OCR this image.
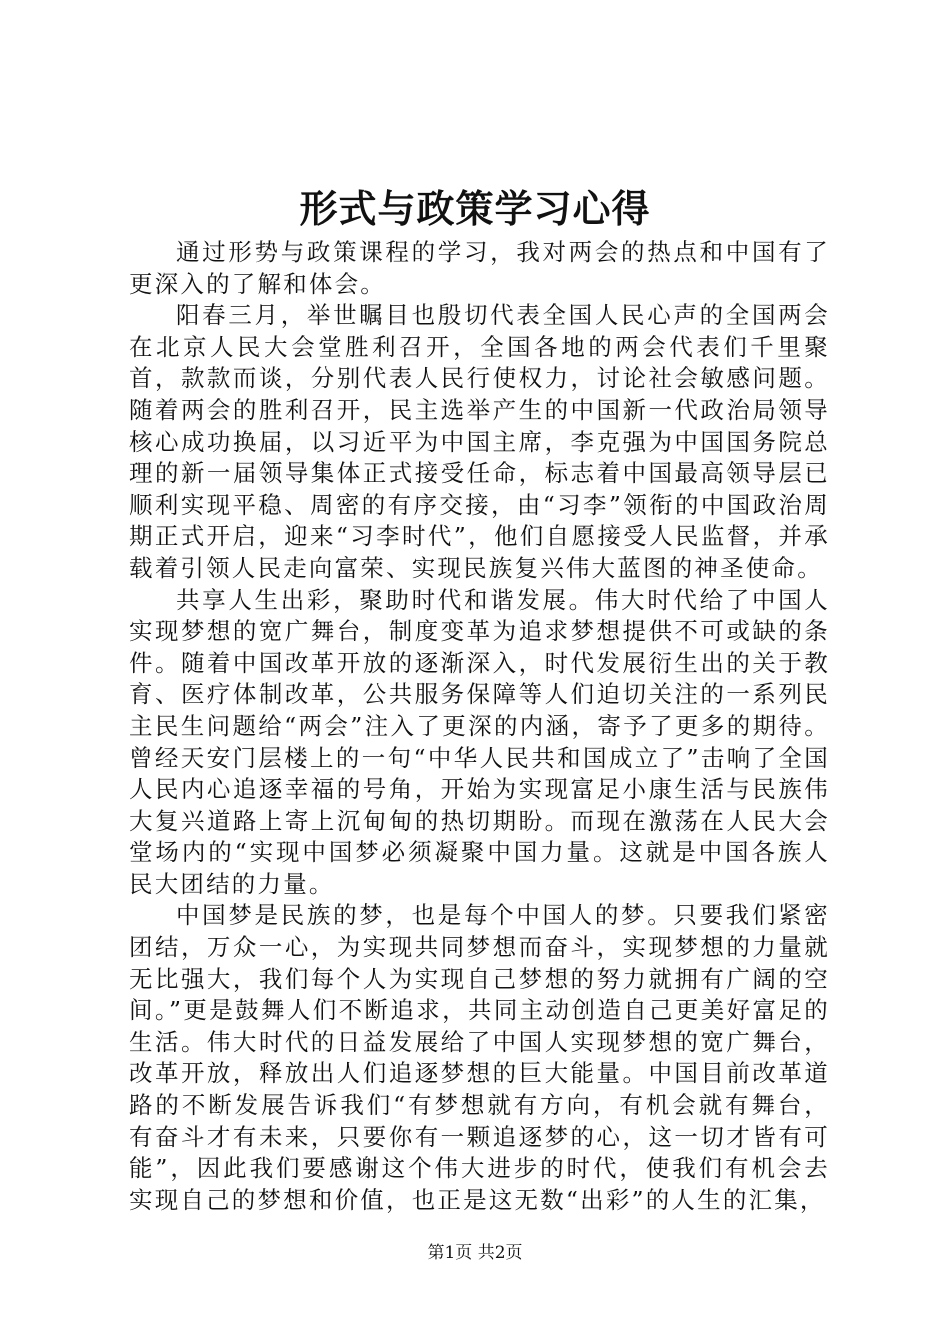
形式与政策学习心得

通过形势与政策课程的学习，我对两会的热点和中国有了更深入的了解和体会。

阳春三月，举世瞩目也殷切代表全国人民心声的全国两会在北京人民大会堂胜利召开，全国各地的两会代表们千里聚首，款款而谈，分别代表人民行使权力，讨论社会敏感问题。随着两会的胜利召开，民主选举产生的中国新一代政治局领导核心成功换届，以习近平为中国主席，李克强为中国国务院总理的新一届领导集体正式接受任命，标志着中国最高领导层已顺利实现平稳、周密的有序交接，由“习李”领衔的中国政治周期正式开启，迎来“习李时代”，他们自愿接受人民监督，并承载着引领人民走向富荣、实现民族复兴伟大蓝图的神圣使命。

共享人生出彩，聚助时代和谐发展。伟大时代给了中国人实现梦想的宽广舞台，制度变革为追求梦想提供不可或缺的条件。随着中国改革开放的逐渐深入，时代发展衍生出的关于教育、医疗体制改革，公共服务保障等人们迫切关注的一系列民主民生问题给“两会”注入了更深的内涵，寄予了更多的期待。曾经天安门层楼上的一句“中华人民共和国成立了”击响了全国人民内心追逐幸福的号角，开始为实现富足小康生活与民族伟大复兴道路上寄上沉甸甸的热切期盼。而现在激荡在人民大会堂场内的“实现中国梦必须凝聚中国力量。这就是中国各族人民大团结的力量。

中国梦是民族的梦，也是每个中国人的梦。只要我们紧密团结，万众一心，为实现共同梦想而奋斗，实现梦想的力量就无比强大，我们每个人为实现自己梦想的努力就拥有广阔的空间。”更是鼓舞人们不断追求，共同主动创造自己更美好富足的生活。伟大时代的日益发展给了中国人实现梦想的宽广舞台，改革开放，释放出人们追逐梦想的巨大能量。中国目前改革道路的不断发展告诉我们“有梦想就有方向，有机会就有舞台，有奋斗才有未来，只要你有一颗追逐梦的心，这一切才皆有可能”，因此我们要感谢这个伟大进步的时代，使我们有机会去实现自己的梦想和价值，也正是这无数“出彩”的人生的汇集，

第1页 共2页
